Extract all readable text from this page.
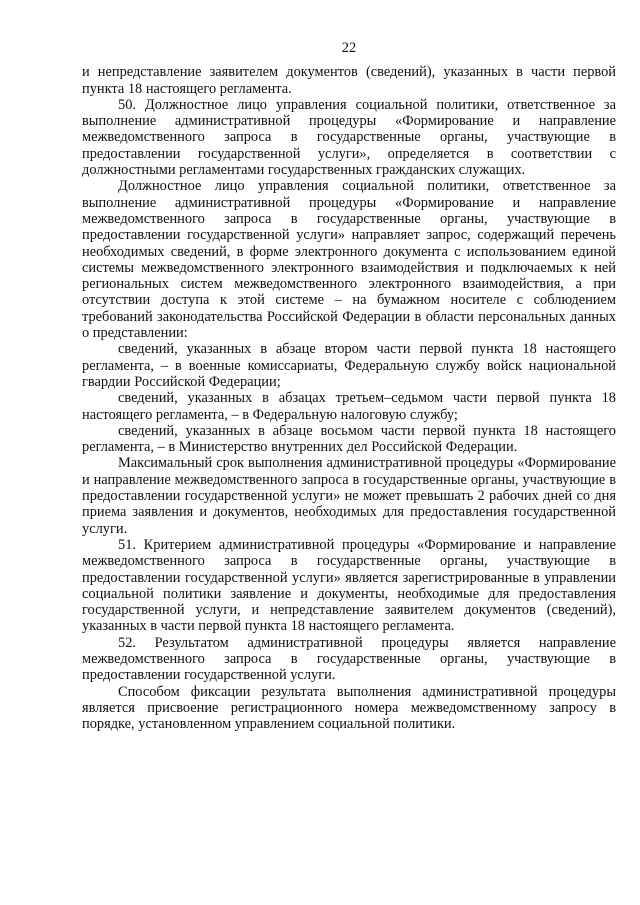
22

и непредставление заявителем документов (сведений), указанных в части первой пункта 18 настоящего регламента.

50. Должностное лицо управления социальной политики, ответственное за выполнение административной процедуры «Формирование и направление межведомственного запроса в государственные органы, участвующие в предоставлении государственной услуги», определяется в соответствии с должностными регламентами государственных гражданских служащих.

Должностное лицо управления социальной политики, ответственное за выполнение административной процедуры «Формирование и направление межведомственного запроса в государственные органы, участвующие в предоставлении государственной услуги» направляет запрос, содержащий перечень необходимых сведений, в форме электронного документа с использованием единой системы межведомственного электронного взаимодействия и подключаемых к ней региональных систем межведомственного электронного взаимодействия, а при отсутствии доступа к этой системе – на бумажном носителе с соблюдением требований законодательства Российской Федерации в области персональных данных о представлении:

сведений, указанных в абзаце втором части первой пункта 18 настоящего регламента, – в военные комиссариаты, Федеральную службу войск национальной гвардии Российской Федерации;

сведений, указанных в абзацах третьем–седьмом части первой пункта 18 настоящего регламента, – в Федеральную налоговую службу;

сведений, указанных в абзаце восьмом части первой пункта 18 настоящего регламента, – в Министерство внутренних дел Российской Федерации.

Максимальный срок выполнения административной процедуры «Формирование и направление межведомственного запроса в государственные органы, участвующие в предоставлении государственной услуги» не может превышать 2 рабочих дней со дня приема заявления и документов, необходимых для предоставления государственной услуги.

51. Критерием административной процедуры «Формирование и направление межведомственного запроса в государственные органы, участвующие в предоставлении государственной услуги» является зарегистрированные в управлении социальной политики заявление и документы, необходимые для предоставления государственной услуги, и непредставление заявителем документов (сведений), указанных в части первой пункта 18 настоящего регламента.

52. Результатом административной процедуры является направление межведомственного запроса в государственные органы, участвующие в предоставлении государственной услуги.

Способом фиксации результата выполнения административной процедуры является присвоение регистрационного номера межведомственному запросу в порядке, установленном управлением социальной политики.
